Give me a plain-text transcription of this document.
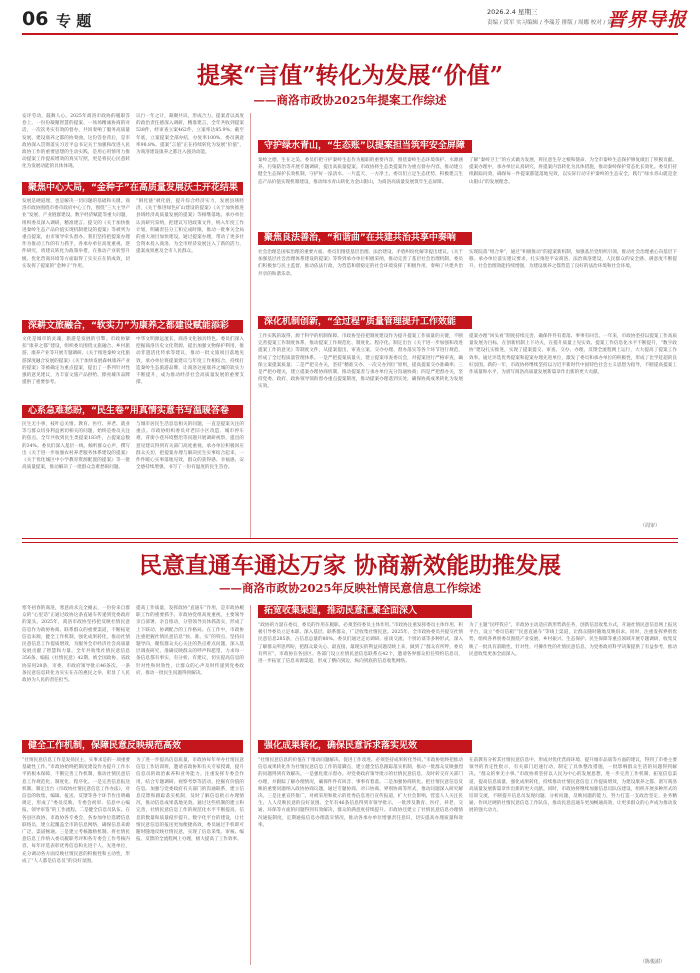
06 专 题	2026.2.4 星期三
责编 / 赏军 实习编辑 / 李瑞芳 排版 / 周娜 校对 / 聂影君
晋界导报
提案“言值”转化为发展“价值”
——商洛市政协2025年提案工作综述
安评劳动，鼓舞人心。2025年商洛市政协的履职答卷上，一份份凝聚智慧的提案、一场场精诚协商的对话，一次次务实有效的督办，共同奏响了服务高质量发展、建设康养之都的协奏曲。这份答卷背后，是市政协深入贯彻落实习近平总书记关于加强和改进人民政协工作的重要思想的生动实践，是用心用情用力推动提案工作提质增效的真实写照，更是将民心民意转化为发展动能的具体体现。
议行一年之计，凝聚共识，形成合力。提案者以高度的政治责任感深入调研，精准建言，全年共收到提案538件，经审查立案462件，立案率达85.9%；截至年底，立案提案全部办结，办复率100%，委员满意率98.8%。提案“言值”正在持续转化为发展“价值”，为商洛建设康养之都注入强劲动能。
聚焦中心大局，“金种子”在高质量发展沃土开花结果
发展是硬道理，也是解决一切问题的基础和关键。商洛市政协围绕市委市政府中心工作，围绕“三大主导产业”发展、产业链群建设、数字经济赋能等重大问题，组织委员深入调研，精准建言。提交的《关于加快推进秦岭生态产品价值实现机制建设的提案》等被列为重点提案，由市领导牵头督办。我们坚持把提案办理作为推动工作的有力抓手，各承办单位高度重视，逐件研究，将建议转化为政策举措，在推动产业转型升级、优化营商环境等方面取得了实实在在的成效，切实发挥了提案的“金种子”作用。
“钢化链”被化链，提升综合经济实力，发展县域经济，《关于推进绿色矿山建设的提案》《关于加快推进县域经济高质量发展的提案》等相继落地。承办单位认真研究采纳，把建议写进政策文件，纳入年度工作计划，明确责任分工和完成时限，推动一批事关全局的重大项目加快建设。通过提案办理，带动了更多社会资本投入商洛，为全市经济发展注入了新的活力，提案成果惠及全市人民群众。
深耕文旅融合，“软实力”为康养之都建设赋能添彩
文化是城市的灵魂，旅游是发展的引擎。市政协紧扣“康养之都”建设，组织委员围绕文旅融合、乡村旅游、康养产业等开展专题调研。《关于推进秦岭文化旅游深度融合发展的提案》《关于加快发展森林康养产业的提案》等被确定为重点提案，提出了一系列针对性强的意见建议，为丰富文旅产品供给、擦亮城市品牌提供了重要参考。
中华文明源远流长，商洛文化独具特色。委员们深入挖掘商洛历史文化资源，提出加强文物保护利用、推动非遗活化传承等建议，推动一批文旅项目落地见效。承办单位将提案建议与年度工作相结合，持续打造秦岭生态旅游品牌，让商洛这座康养之城的软实力不断提升，成为推动经济社会高质量发展的重要支撑。
心系急难愁盼，“民生卷”用真情实意书写温暖答卷
民生无小事，枝叶总关情。教育、医疗、养老、就业等与群众切身利益密切相关的问题，始终是委员关注的焦点。全年共收到民生类提案183件，占提案总数的34%。委员们深入基层一线，倾听群众心声，撰写出《关于进一步加强农村养老服务体系建设的提案》《关于优化城区中小学教育资源配置的提案》等一批高质量提案，推动解决了一批群众急难愁盼问题。
与城市居民生活息息相关的问题，一直是提案关注的重点。市政协组织委员对老旧小区改造、城市停车难、背街小巷环境整治等问题开展调研视察，提出的意见建议得到有关部门高度重视。承办单位积极回应群众关切，把提案办理与解决民生实事结合起来，一件件暖心实事落地见效，群众的获得感、幸福感、安全感持续增强，书写了一份有温度的民生答卷。
守护绿水青山，“生态账”以提案担当筑牢安全屏障
秦岭之德，生在之美。委员们把守护秦岭生态作为履职的重要内容，围绕秦岭生态环境保护、水源涵养、污染防治等开展专题调研，提出高质量提案。市政协将生态类提案作为重点督办内容，推动建立健全生态保护长效机制，守护好一泓清水、一片蓝天、一方净土。委员们立足生态优势，积极建言生态产品价值实现机制建设，推动绿水青山转化为金山银山，为商洛高质量发展筑牢生态屏障。
了解“秦岭卫士”的方式做为发展，将民意生存之根和使命，为全市秦岭生态保护修复做出了积极贡献。提案办理中，承办单位认真研究，将提案内容转化为具体措施，推动秦岭保护常态化长效化。委员们持续跟踪问效，确保每一件提案都能落地见效，以实际行动守护秦岭的生态安全，践行“绿水青山就是金山银山”的发展理念。
聚焦良法善治，“和谐曲”在共建共治共享中奏响
社会治理是国家治理的重要方面。委员们围绕基层治理、法治建设、矛盾纠纷化解等提出建议。《关于加强基层社会治理体系建设的提案》等得到承办单位积极采纳，推动完善了基层社会治理机制。委员们积极参与民主监督，推动依法行政，为营造和谐稳定的社会环境发挥了积极作用，奏响了共建共治共享的和谐乐章。
实现院落“组合拳”，通过“积极推动”的提案新机制，加强基层党组织引领，推动社会治理重心向基层下移。承办单位落实建议要求，扎实推进平安商洛、法治商洛建设，人民群众的安全感、满意度不断提升，社会治理效能持续增强，为建设康养之都营造了良好的法治环境和社会环境。
深化机制创新，“全过程”质量管理提升工作效能
工作实践的取得，源于科学的机制保障。市政协坚持把制度建设作为提升提案工作质量的关键，不断完善提案工作制度体系，推动提案工作规范化、制度化、程序化。制定出台《关于进一步加强和改进提案工作的意见》等制度文件，从提案提出、审查立案、交办办理、督办落实等各个环节进行规范，形成了全过程质量管理体系。一是严把提案质量关，建立提案审查委员会，对提案进行严格审查，确保立案提案质量；二是严把交办关，坚持“精准交办、一次交办到位”原则，提高提案交办准确率；三是严把办理关，建立提案办理协商机制，推动提案者与承办单位充分沟通协商；四是严把督办关，坚持党委、政府、政协领导领衔督办重点提案制度，推动提案办理落到实处，确保协商成果转化为发展实效。
提案办理“回头看”制度持续完善，确保件件有着落、事事有回音。一年来，市政协坚持以提案工作高质量发展为目标，在创新机制上下功夫，在提升质量上见实效。提案工作信息化水平不断提升，“数字政协”建设扎实推进，实现了提案提交、审查、交办、办理、反馈全流程网上运行，大大提高了提案工作效率。通过评选优秀提案和提案办理先进单位，激发了委员和承办单位的积极性，形成了比学赶超的良好氛围。新的一年，市政协将继续坚持以习近平新时代中国特色社会主义思想为指导，不断提高提案工作质量和水平，为谱写商洛高质量发展新篇章作出新的更大贡献。
（周审）
民意直通车通达万家 协商新效能助推发展
——商洛市政协2025年反映社情民意信息工作综述
寒冬初春的商洛，寒意尚未完全褪去，一份份来自群众的“心里话”正通过政协这条直通车传递到党委政府的案头。2025年，商洛市政协坚持把反映社情民意信息作为政协协商、联系群众的重要渠道，不断拓宽信息来源，健全工作机制，强化成果转化，推动社情民意信息工作提质增效，为服务全市经济社会高质量发展贡献了智慧和力量。全年共收集社情民意信息356条，编报《社情民意》42期，被全国政协、省政协采用28条，市委、市政府领导批示46条次。一条条民意信息转化为实实在在的惠民之举，彰显了人民政协为人民的责任担当。
提高工作质量，发挥政协“直通车”作用，是市政协履职工作的重要抓手。市政协党组高度重视，主要领导亲自部署、亲自推动，分管领导具体抓落实，形成了上下联动、协调配合的工作格局。在工作中，市政协注重把握社情民意信息“快、准、实”的特点，坚持问题导向，聚焦群众关心关注的热点难点问题，深入基层调查研究，准确反映群众的呼声和愿望，力求每一条信息都有事实、有分析、有建议，切实提高信息的针对性和时效性，让群众的心声及时传递到党委政府，推动一批民生问题得到解决。
健全工作机制，保障民意反映规范高效
“社情民意信息工作是发扬民主、实事求是的一项重要基础性工作。”市政协始终把制度建设作为提升工作水平的根本保障，不断完善工作机制，推动社情民意信息工作规范化、制度化、程序化。一是完善信息报送机制。制定出台《市政协社情民意信息工作办法》，对信息的收集、编辑、报送、反馈等各个环节作出明确规定，形成了“委员反映、专委会初审、信息中心编报、领导审签”的工作流程。二是健全信息员队伍。在各县区政协、市政协各专委会、各参加单位选聘信息联络员，建立起覆盖全市的信息网络，确保信息来源广泛、渠道畅通。三是建立考核激励机制。将社情民意信息工作纳入委员履职考评和各专委会工作考核内容，每年评选表彰优秀信息和先进个人、先进单位，充分调动各方面反映社情民意的积极性和主动性，形成了“人人都是信息员”的良好氛围。
为了进一步提高信息质量，市政协每年举办社情民意信息工作培训班，邀请省政协和有关专家授课，提升信息员的政治素养和业务能力。注重发挥专委会作用，结合专题调研、视察考察等活动，挖掘有价值的信息。加强与党委政府有关部门的沟通联系，建立信息反馈和跟踪落实机制，及时了解信息批示办理情况，推动信息成果落地见效。通过这些机制的建立和完善，社情民意信息工作的规范化水平不断提高，信息的数量和质量稳步提升。数字化平台的建设，让社情民意信息的报送更加便捷高效，委员通过手机即可随时随地反映社情民意，实现了信息采集、审核、编报、反馈的全流程网上办理，极大提高了工作效率。
拓宽收集渠道，推动民意汇聚全面深入
“政协的力量在委员，委员的作用在履职。必须坚持委员主体作用。”市政协注重发挥委员主体作用，积极引导委员立足本职、深入基层、联系群众，广泛收集社情民意。2025年，全市政协委员共提交社情民意信息285条，占信息总量的80%。委员们通过走访调研、座谈交流、个别访谈等多种形式，深入了解群众所思所盼，把群众最关心、最直接、最现实的利益问题反映上来，做到了“群众有所呼，委员有所应”。市政协在各县区、各部门设立社情民意信息联系点42个，邀请各界群众担任特约信息员，进一步拓宽了信息来源渠道，形成了横向到边、纵向到底的信息收集网络。
为了主题“民呼我应”，市政协主动适应新形势新任务，创新信息收集方式，开通社情民意信息网上报送平台，设立“委员信箱”“民意直通车”等线上渠道，让群众随时随地反映诉求。同时，注重发挥界别优势，组织各界别委员围绕产业发展、乡村振兴、生态保护、民生保障等重点领域开展专题调研，收集反映了一批具有前瞻性、针对性、可操作性的社情民意信息，为党委政府科学决策提供了有益参考，推动民意收集更加全面深入。
强化成果转化，确保民意诉求落实见效
“社情民意信息的价值在于推动问题解决、促进工作改进。必须坚持成果转化导向。”市政协始终把推动信息成果转化作为社情民意信息工作的落脚点，建立健全信息跟踪落实机制，推动一批群众反映强烈的问题得到有效解决。一是强化批示督办。对党委政府领导批示的社情民意信息，及时转交有关部门办理，并跟踪了解办理情况，确保件件有回音、事事有着落。二是加强协商转化。把社情民意信息反映的重要问题纳入政协协商议题，通过专题协商、对口协商、界别协商等形式，推动问题深入研究解决。三是注重宣传推广。对被采用和批示的优秀信息进行宣传报道，扩大社会影响，营造人人关注民生、人人反映民意的良好氛围。全年有46条信息得到市领导批示，一批涉及教育、医疗、养老、交通、环保等方面的问题得到有效解决，群众的满意度持续提升。市政协还建立了社情民意信息办理情况通报制度，定期通报信息办理落实情况，推动各承办单位增强责任意识，切实提高办理质量和效率。
在前教育分析其社情民意信息中，形成对优化营商环境、提升城市品质等方面的建议，得到了市委主要领导的肯定性批示，有关部门迅速行动，制定了具体整改措施，一批影响群众生活的问题得到解决。“群众的事无小事。”市政协将坚持以人民为中心的发展思想，进一步完善工作机制，拓宽信息渠道，提高信息质量，强化成果转化，持续推动社情民意信息工作提质增效，为建设康养之都、谱写商洛高质量发展新篇章作出新的更大贡献。同时，市政协将继续加强信息员队伍建设，组织开展多种形式的培训交流，不断提升信息员发现问题、分析问题、反映问题的能力，努力打造一支政治坚定、业务精通、作风过硬的社情民意信息工作队伍，推动民意直通车更加畅通高效，让更多群众的心声成为推动发展的强大动力。
（陈俊澍）
